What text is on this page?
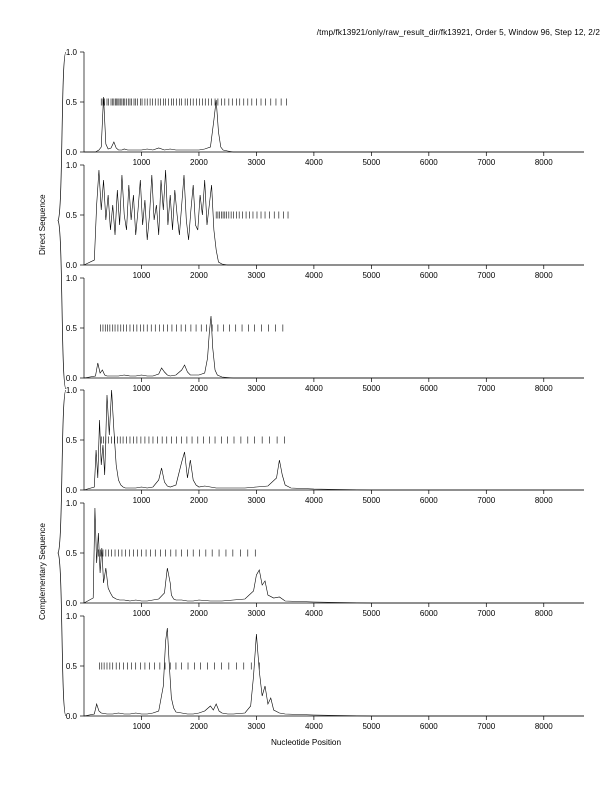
/tmp/fk13921/only/raw_result_dir/fk13921, Order 5, Window 96, Step 12, 2/2
Direct Sequence
Complementary Sequence
Nucleotide Position
0.0
0.5
1.0
1000	2000	3000	4000	5000	6000	7000	8000
0.0
0.5
1.0
1000	2000	3000	4000	5000	6000	7000	8000
0.0
0.5
1.0
1000	2000	3000	4000	5000	6000	7000	8000
0.0
0.5
1.0
1000	2000	3000	4000	5000	6000	7000	8000
0.0
0.5
1.0
1000	2000	3000	4000	5000	6000	7000	8000
0.0
0.5
1.0
1000	2000	3000	4000	5000	6000	7000	8000
